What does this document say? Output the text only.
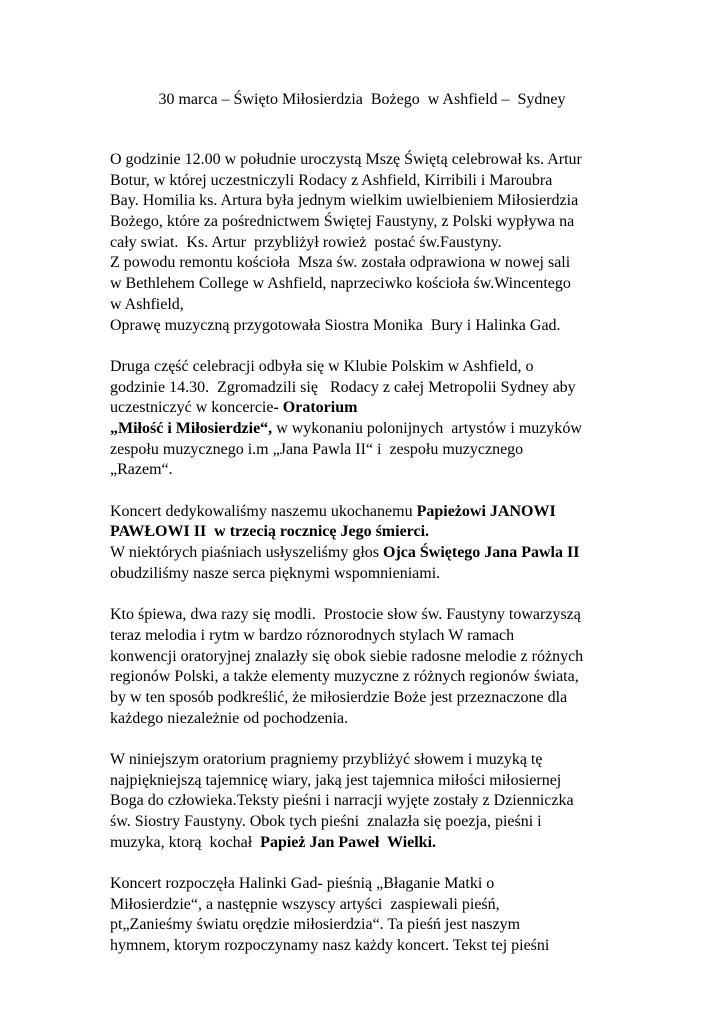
30 marca – Święto Miłosierdzia  Bożego  w Ashfield –  Sydney
O godzinie 12.00 w południe uroczystą Mszę Świętą celebrował ks. Artur
Botur, w której uczestniczyli Rodacy z Ashfield, Kirribili i Maroubra
Bay. Homilia ks. Artura była jednym wielkim uwielbieniem Miłosierdzia
Bożego, które za pośrednictwem Świętej Faustyny, z Polski wypływa na
cały swiat.  Ks. Artur  przybliżył rowież  postać św.Faustyny.
Z powodu remontu kościoła  Msza św. została odprawiona w nowej sali
w Bethlehem College w Ashfield, naprzeciwko kościoła św.Wincentego
w Ashfield,
Oprawę muzyczną przygotowała Siostra Monika  Bury i Halinka Gad.
Druga część celebracji odbyła się w Klubie Polskim w Ashfield, o
godzinie 14.30.  Zgromadzili się   Rodacy z całej Metropolii Sydney aby
uczestniczyć w koncercie- Oratorium
„Miłość i Miłosierdzie“, w wykonaniu polonijnych  artystów i muzyków
zespołu muzycznego i.m „Jana Pawla II“ i  zespołu muzycznego
„Razem“.
Koncert dedykowaliśmy naszemu ukochanemu Papieżowi JANOWI
PAWŁOWI II  w trzecią rocznicę Jego śmierci.
W niektórych piaśniach usłyszeliśmy głos Ojca Świętego Jana Pawla II
obudziliśmy nasze serca pięknymi wspomnieniami.
Kto śpiewa, dwa razy się modli.  Prostocie słow św. Faustyny towarzyszą
teraz melodia i rytm w bardzo róznorodnych stylach W ramach
konwencji oratoryjnej znalazły się obok siebie radosne melodie z różnych
regionów Polski, a także elementy muzyczne z różnych regionów świata,
by w ten sposób podkreślić, że miłosierdzie Boże jest przeznaczone dla
każdego niezależnie od pochodzenia.
W niniejszym oratorium pragniemy przybliżyć słowem i muzyką tę
najpiękniejszą tajemnicę wiary, jaką jest tajemnica miłości miłosiernej
Boga do człowieka.Teksty pieśni i narracji wyjęte zostały z Dzienniczka
św. Siostry Faustyny. Obok tych pieśni  znalazła się poezja, pieśni i
muzyka, ktorą  kochał  Papież Jan Paweł  Wielki.
Koncert rozpoczęła Halinki Gad- pieśnią „Błaganie Matki o
Miłosierdzie“, a następnie wszyscy artyści  zaspiewali pieśń,
pt„Zanieśmy światu orędzie miłosierdzia“. Ta pieśń jest naszym
hymnem, ktorym rozpoczynamy nasz każdy koncert. Tekst tej pieśni
